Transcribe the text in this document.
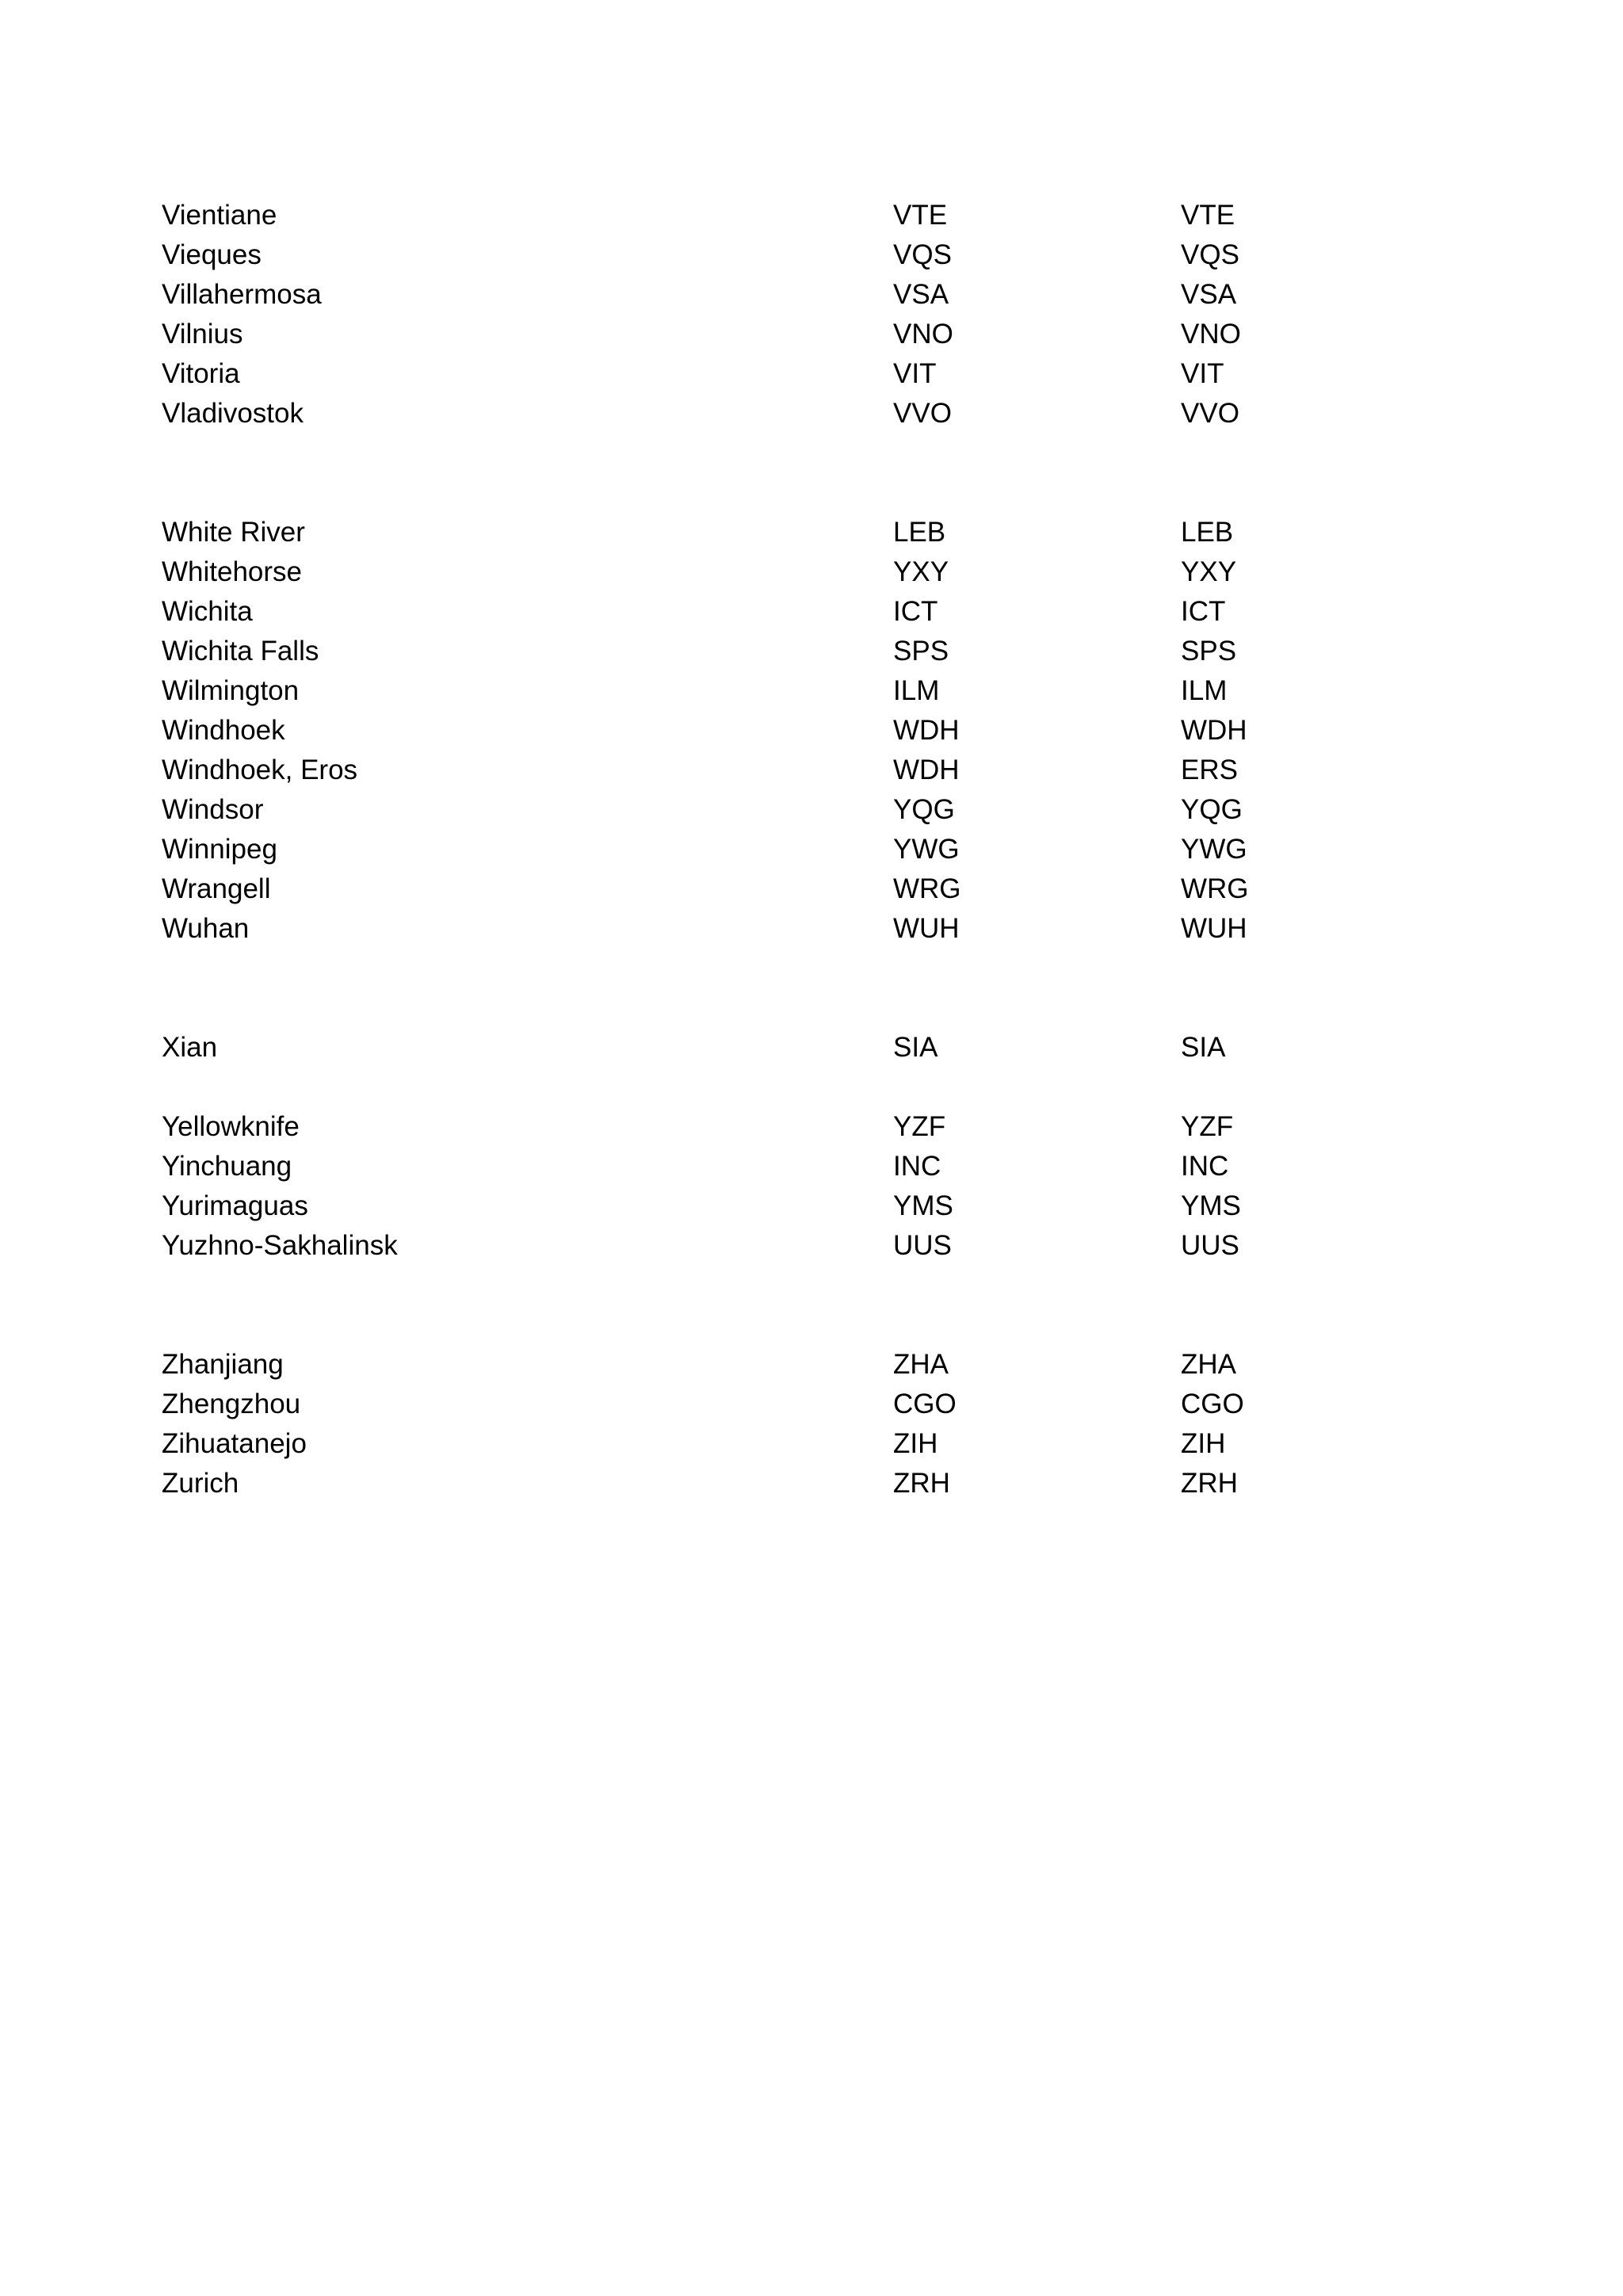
Vientiane	VTE	VTE
Vieques	VQS	VQS
Villahermosa	VSA	VSA
Vilnius	VNO	VNO
Vitoria	VIT	VIT
Vladivostok	VVO	VVO
White River	LEB	LEB
Whitehorse	YXY	YXY
Wichita	ICT	ICT
Wichita Falls	SPS	SPS
Wilmington	ILM	ILM
Windhoek	WDH	WDH
Windhoek, Eros	WDH	ERS
Windsor	YQG	YQG
Winnipeg	YWG	YWG
Wrangell	WRG	WRG
Wuhan	WUH	WUH
Xian	SIA	SIA
Yellowknife	YZF	YZF
Yinchuang	INC	INC
Yurimaguas	YMS	YMS
Yuzhno-Sakhalinsk	UUS	UUS
Zhanjiang	ZHA	ZHA
Zhengzhou	CGO	CGO
Zihuatanejo	ZIH	ZIH
Zurich	ZRH	ZRH
